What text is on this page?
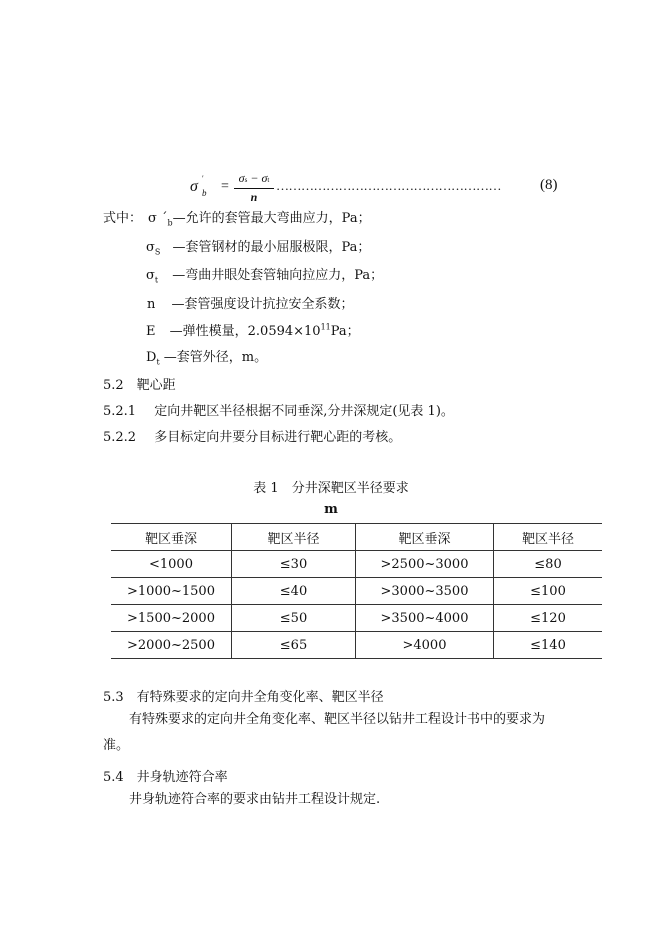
σ ′
b =
σs − σt
n
………………………………………………	(8)
式中： σ $´_b—$允许的套管最大弯曲应力，Pa；
$\sigma_S$ —套管钢材的最小屈服极限，Pa；
$\sigma_t$ —弯曲井眼处套管轴向拉应力，Pa；
n —套管强度设计抗拉安全系数；
E —弹性模量，$2.0594\times 10^{11}Pa$；
$D_t$ —套管外径，m。
5.2　靶心距
5.2.1 定向井靶区半径根据不同垂深,分井深规定(见表 1)。
5.2.2 多目标定向井要分目标进行靶心距的考核。
表 1　分井深靶区半径要求
m
靶区垂深	靶区半径	靶区垂深	靶区半径
<1000	≤30	>2500~3000	≤80
>1000~1500	≤40	>3000~3500	≤100
>1500~2000	≤50	>3500~4000	≤120
>2000~2500	≤65	>4000	≤140
5.3　有特殊要求的定向井全角变化率、靶区半径
有特殊要求的定向井全角变化率、靶区半径以钻井工程设计书中的要求为
准。
5.4　井身轨迹符合率
井身轨迹符合率的要求由钻井工程设计规定.
